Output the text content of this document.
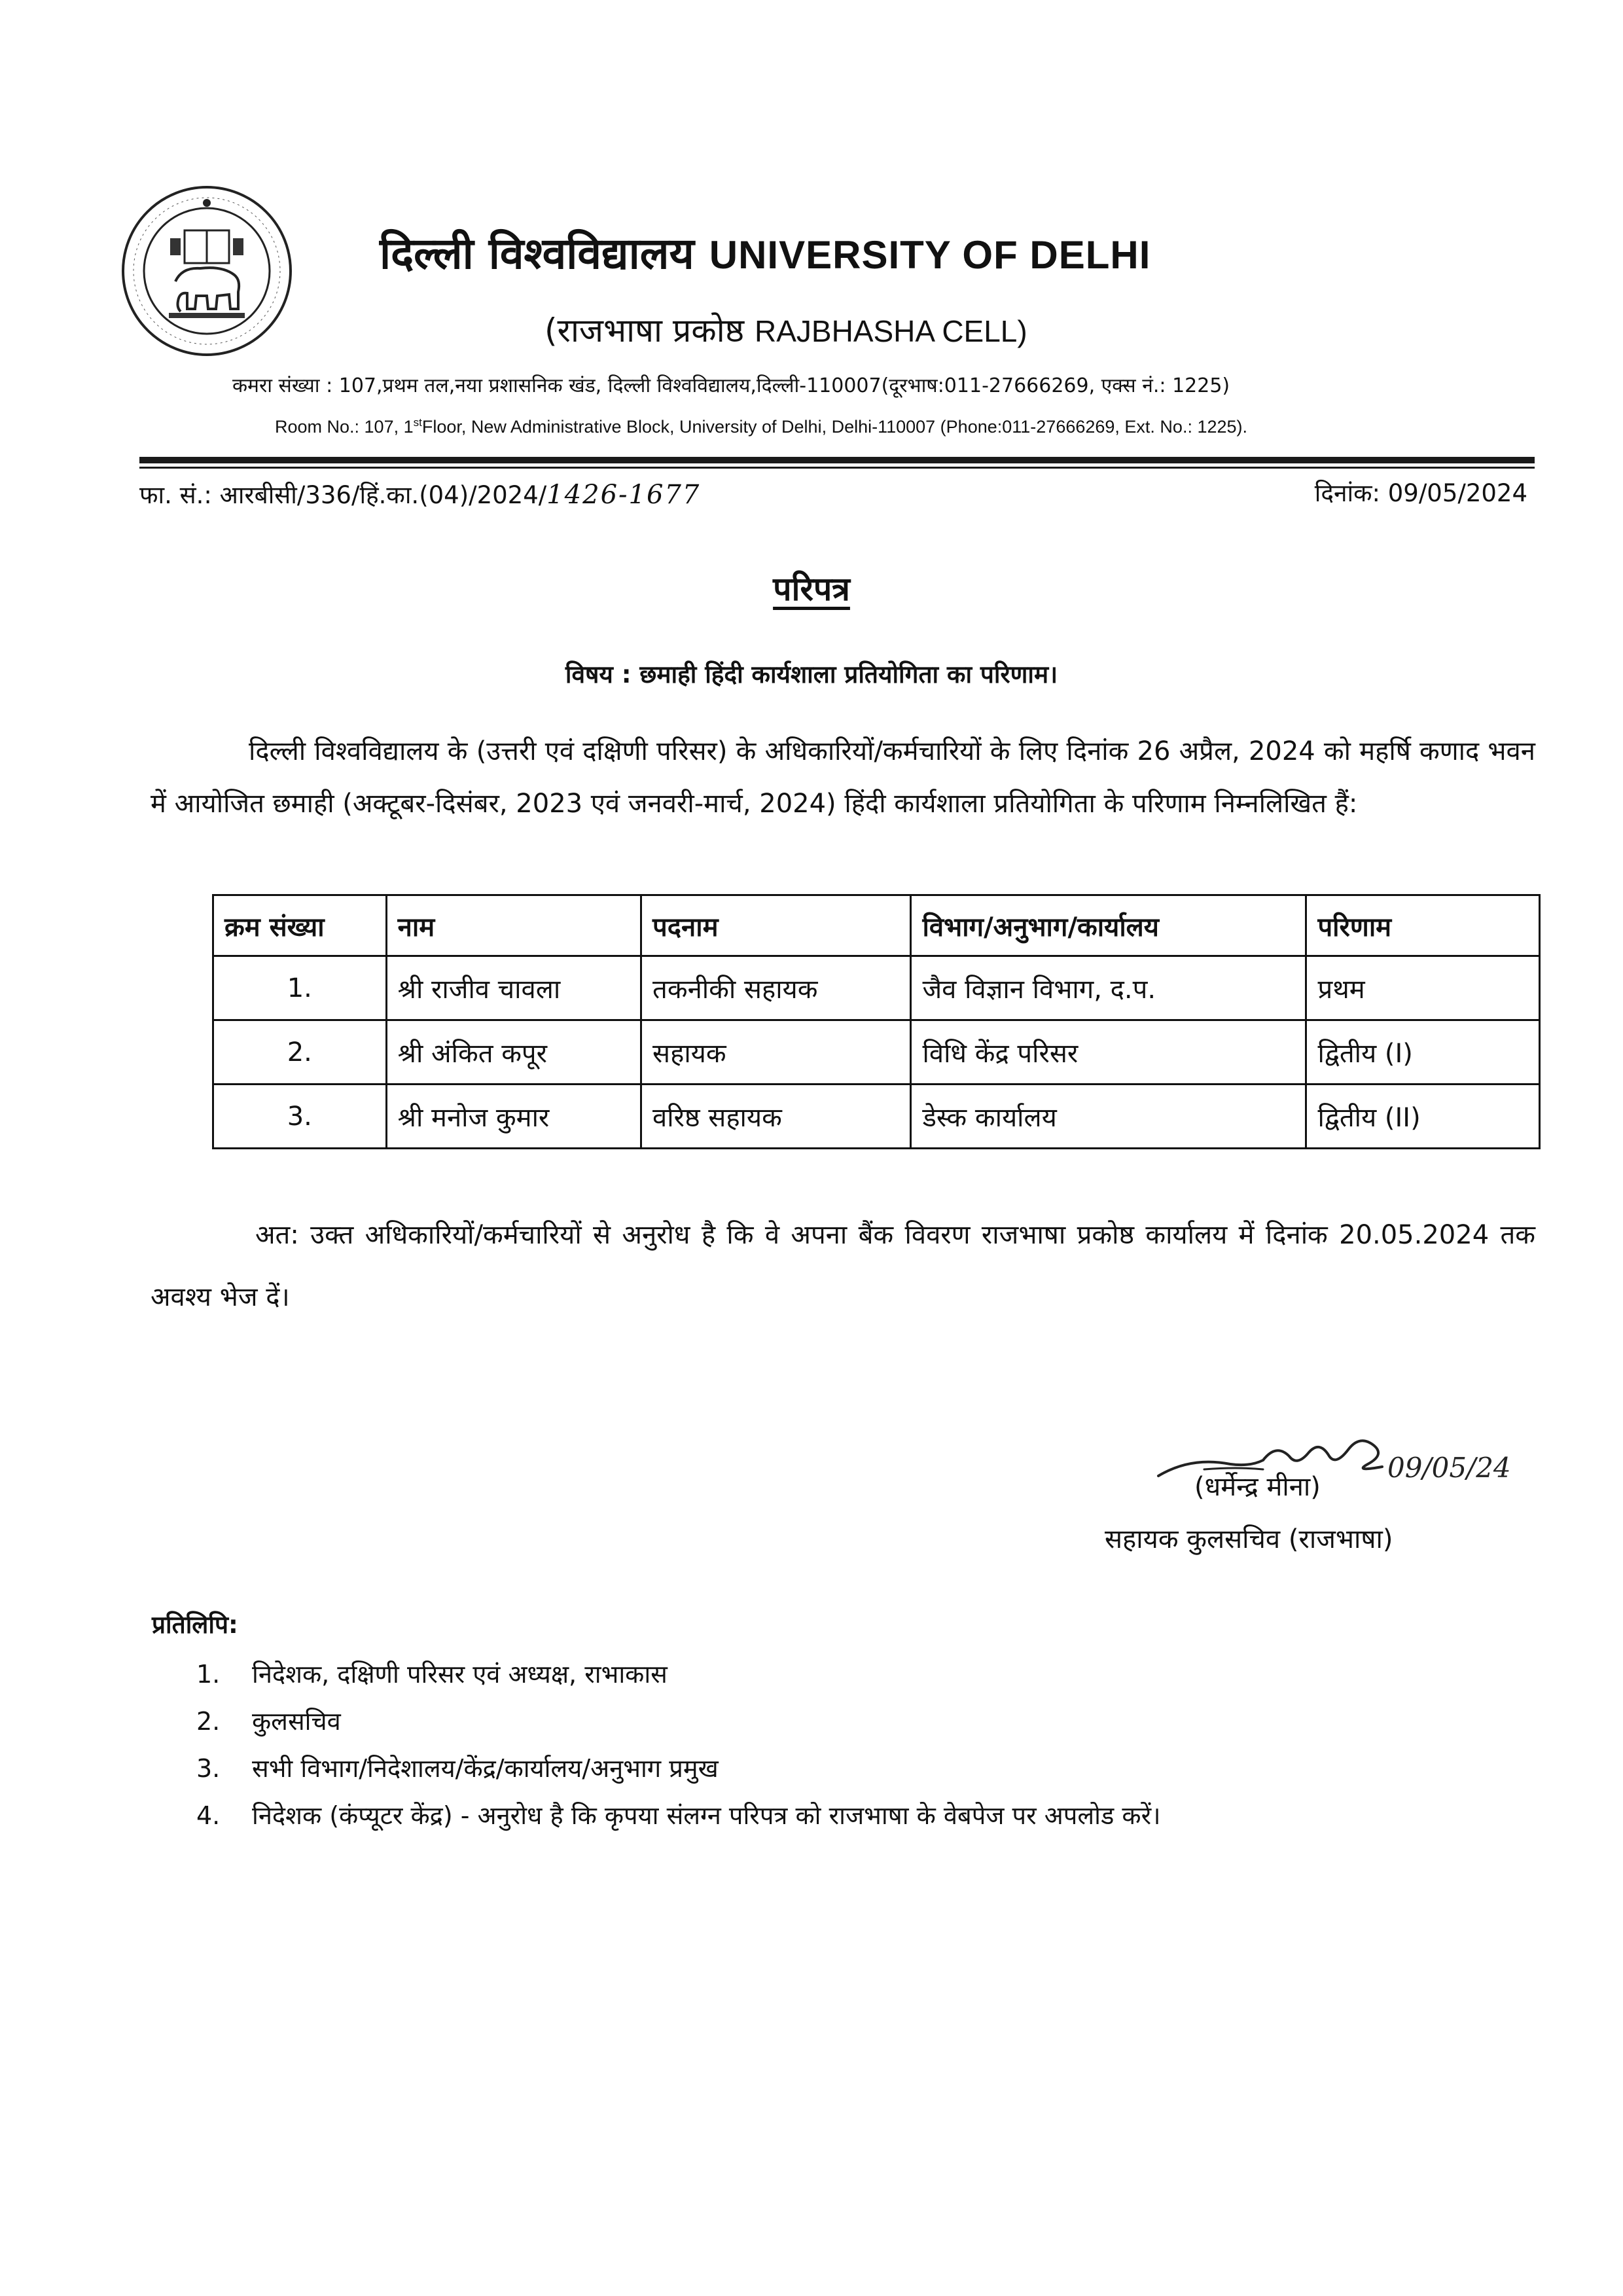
दिल्ली विश्वविद्यालय UNIVERSITY OF DELHI
(राजभाषा प्रकोष्ठ RAJBHASHA CELL)
कमरा संख्या : 107,प्रथम तल,नया प्रशासनिक खंड, दिल्ली विश्वविद्यालय,दिल्ली-110007(दूरभाष:011-27666269, एक्स नं.: 1225)
Room No.: 107, 1stFloor, New Administrative Block, University of Delhi, Delhi-110007 (Phone:011-27666269, Ext. No.: 1225).
फा. सं.: आरबीसी/336/हिं.का.(04)/2024/1426-1677	दिनांक: 09/05/2024
परिपत्र
विषय : छमाही हिंदी कार्यशाला प्रतियोगिता का परिणाम।
दिल्ली विश्वविद्यालय के (उत्तरी एवं दक्षिणी परिसर) के अधिकारियों/कर्मचारियों के लिए दिनांक 26 अप्रैल, 2024 को महर्षि कणाद भवन में आयोजित छमाही (अक्टूबर-दिसंबर, 2023 एवं जनवरी-मार्च, 2024) हिंदी कार्यशाला प्रतियोगिता के परिणाम निम्नलिखित हैं:
क्रम संख्या	नाम	पदनाम	विभाग/अनुभाग/कार्यालय	परिणाम
1.	श्री राजीव चावला	तकनीकी सहायक	जैव विज्ञान विभाग, द.प.	प्रथम
2.	श्री अंकित कपूर	सहायक	विधि केंद्र परिसर	द्वितीय (I)
3.	श्री मनोज कुमार	वरिष्ठ सहायक	डेस्क कार्यालय	द्वितीय (II)
अत: उक्त अधिकारियों/कर्मचारियों से अनुरोध है कि वे अपना बैंक विवरण राजभाषा प्रकोष्ठ कार्यालय में दिनांक 20.05.2024 तक अवश्य भेज दें।
09/05/24
(धर्मेन्द्र मीना)
सहायक कुलसचिव (राजभाषा)
प्रतिलिपि:
1. निदेशक, दक्षिणी परिसर एवं अध्यक्ष, राभाकास
2. कुलसचिव
3. सभी विभाग/निदेशालय/केंद्र/कार्यालय/अनुभाग प्रमुख
4. निदेशक (कंप्यूटर केंद्र) - अनुरोध है कि कृपया संलग्न परिपत्र को राजभाषा के वेबपेज पर अपलोड करें।
